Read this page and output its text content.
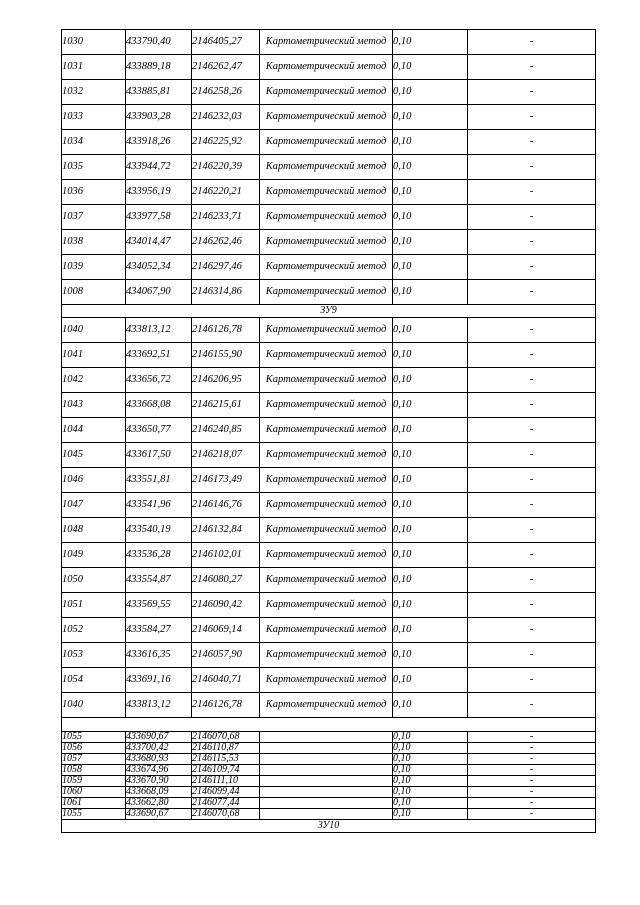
1030	433790,40	2146405,27	Картометрический метод	0,10	-
1031	433889,18	2146262,47	Картометрический метод	0,10	-
1032	433885,81	2146258,26	Картометрический метод	0,10	-
1033	433903,28	2146232,03	Картометрический метод	0,10	-
1034	433918,26	2146225,92	Картометрический метод	0,10	-
1035	433944,72	2146220,39	Картометрический метод	0,10	-
1036	433956,19	2146220,21	Картометрический метод	0,10	-
1037	433977,58	2146233,71	Картометрический метод	0,10	-
1038	434014,47	2146262,46	Картометрический метод	0,10	-
1039	434052,34	2146297,46	Картометрический метод	0,10	-
1008	434067,90	2146314,86	Картометрический метод	0,10	-
ЗУ9					
1040	433813,12	2146126,78	Картометрический метод	0,10	-
1041	433692,51	2146155,90	Картометрический метод	0,10	-
1042	433656,72	2146206,95	Картометрический метод	0,10	-
1043	433668,08	2146215,61	Картометрический метод	0,10	-
1044	433650,77	2146240,85	Картометрический метод	0,10	-
1045	433617,50	2146218,07	Картометрический метод	0,10	-
1046	433551,81	2146173,49	Картометрический метод	0,10	-
1047	433541,96	2146146,76	Картометрический метод	0,10	-
1048	433540,19	2146132,84	Картометрический метод	0,10	-
1049	433536,28	2146102,01	Картометрический метод	0,10	-
1050	433554,87	2146080,27	Картометрический метод	0,10	-
1051	433569,55	2146090,42	Картометрический метод	0,10	-
1052	433584,27	2146069,14	Картометрический метод	0,10	-
1053	433616,35	2146057,90	Картометрический метод	0,10	-
1054	433691,16	2146040,71	Картометрический метод	0,10	-
1040	433813,12	2146126,78	Картометрический метод	0,10	-

1055	433690,67	2146070,68		0,10	-
1056	433700,42	2146110,87		0,10	-
1057	433680,93	2146115,53		0,10	-
1058	433674,96	2146109,74		0,10	-
1059	433670,90	2146111,10		0,10	-
1060	433668,09	2146099,44		0,10	-
1061	433662,80	2146077,44		0,10	-
1055	433690,67	2146070,68		0,10	-
ЗУ10					
